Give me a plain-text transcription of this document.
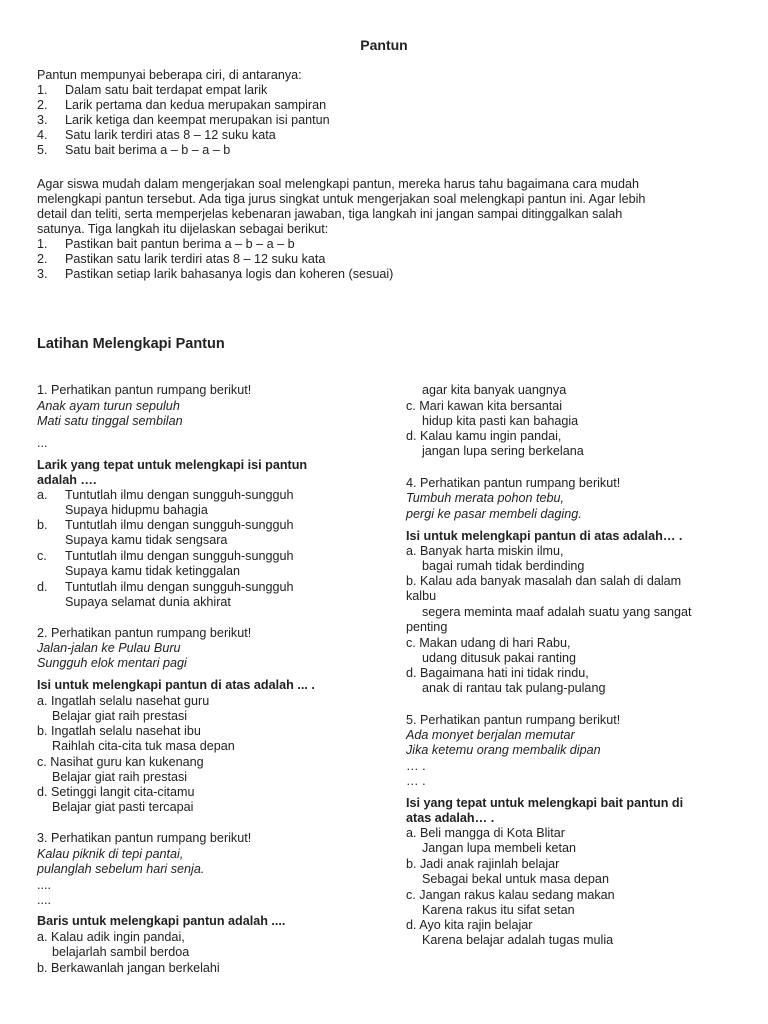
Pantun
Pantun mempunyai beberapa ciri, di antaranya:
1. Dalam satu bait terdapat empat larik
2. Larik pertama dan kedua merupakan sampiran
3. Larik ketiga dan keempat merupakan isi pantun
4. Satu larik terdiri atas 8 – 12 suku kata
5. Satu bait berima a – b – a – b
Agar siswa mudah dalam mengerjakan soal melengkapi pantun, mereka harus tahu bagaimana cara mudah
melengkapi pantun tersebut. Ada tiga jurus singkat untuk mengerjakan soal melengkapi pantun ini. Agar lebih
detail dan teliti, serta memperjelas kebenaran jawaban, tiga langkah ini jangan sampai ditinggalkan salah
satunya. Tiga langkah itu dijelaskan sebagai berikut:
1. Pastikan bait pantun berima a – b – a – b
2. Pastikan satu larik terdiri atas 8 – 12 suku kata
3. Pastikan setiap larik bahasanya logis dan koheren (sesuai)
Latihan Melengkapi Pantun
1. Perhatikan pantun rumpang berikut!
Anak ayam turun sepuluh
Mati satu tinggal sembilan
...
Larik yang tepat untuk melengkapi isi pantun
adalah ….
a. Tuntutlah ilmu dengan sungguh-sungguh
Supaya hidupmu bahagia
b. Tuntutlah ilmu dengan sungguh-sungguh
Supaya kamu tidak sengsara
c. Tuntutlah ilmu dengan sungguh-sungguh
Supaya kamu tidak ketinggalan
d. Tuntutlah ilmu dengan sungguh-sungguh
Supaya selamat dunia akhirat
2. Perhatikan pantun rumpang berikut!
Jalan-jalan ke Pulau Buru
Sungguh elok mentari pagi
Isi untuk melengkapi pantun di atas adalah ... .
a. Ingatlah selalu nasehat guru
Belajar giat raih prestasi
b. Ingatlah selalu nasehat ibu
Raihlah cita-cita tuk masa depan
c. Nasihat guru kan kukenang
Belajar giat raih prestasi
d. Setinggi langit cita-citamu
Belajar giat pasti tercapai
3. Perhatikan pantun rumpang berikut!
Kalau piknik di tepi pantai,
pulanglah sebelum hari senja.
....
....
Baris untuk melengkapi pantun adalah ....
a. Kalau adik ingin pandai,
belajarlah sambil berdoa
b. Berkawanlah jangan berkelahi
agar kita banyak uangnya
c. Mari kawan kita bersantai
hidup kita pasti kan bahagia
d. Kalau kamu ingin pandai,
jangan lupa sering berkelana
4. Perhatikan pantun rumpang berikut!
Tumbuh merata pohon tebu,
pergi ke pasar membeli daging.
Isi untuk melengkapi pantun di atas adalah… .
a. Banyak harta miskin ilmu,
bagai rumah tidak berdinding
b. Kalau ada banyak masalah dan salah di dalam
kalbu
segera meminta maaf adalah suatu yang sangat
penting
c. Makan udang di hari Rabu,
udang ditusuk pakai ranting
d. Bagaimana hati ini tidak rindu,
anak di rantau tak pulang-pulang
5. Perhatikan pantun rumpang berikut!
Ada monyet berjalan memutar
Jika ketemu orang membalik dipan
… .
… .
Isi yang tepat untuk melengkapi bait pantun di
atas adalah… .
a. Beli mangga di Kota Blitar
Jangan lupa membeli ketan
b. Jadi anak rajinlah belajar
Sebagai bekal untuk masa depan
c. Jangan rakus kalau sedang makan
Karena rakus itu sifat setan
d. Ayo kita rajin belajar
Karena belajar adalah tugas mulia
